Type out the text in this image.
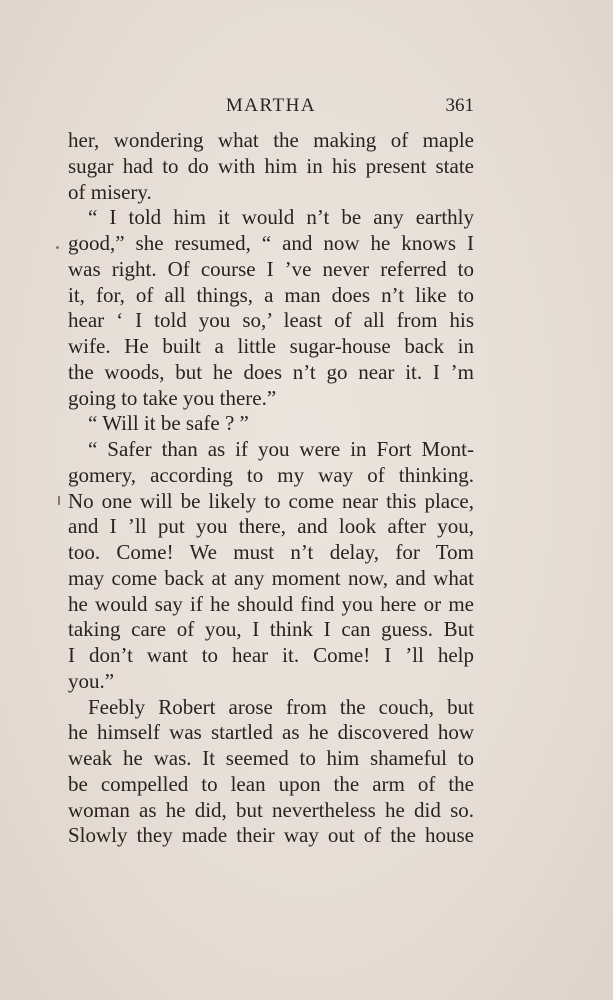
MARTHA	361
her, wondering what the making of maple
sugar had to do with him in his present state
of misery.
“ I told him it would n’t be any earthly
good,” she resumed, “ and now he knows I
was right. Of course I ’ve never referred to
it, for, of all things, a man does n’t like to
hear ‘ I told you so,’ least of all from his
wife. He built a little sugar-house back in
the woods, but he does n’t go near it. I ’m
going to take you there.”
“ Will it be safe ? ”
“ Safer than as if you were in Fort Mont-
gomery, according to my way of thinking.
No one will be likely to come near this place,
and I ’ll put you there, and look after you,
too. Come! We must n’t delay, for Tom
may come back at any moment now, and what
he would say if he should find you here or me
taking care of you, I think I can guess. But
I don’t want to hear it. Come! I ’ll help
you.”
Feebly Robert arose from the couch, but
he himself was startled as he discovered how
weak he was. It seemed to him shameful to
be compelled to lean upon the arm of the
woman as he did, but nevertheless he did so.
Slowly they made their way out of the house
